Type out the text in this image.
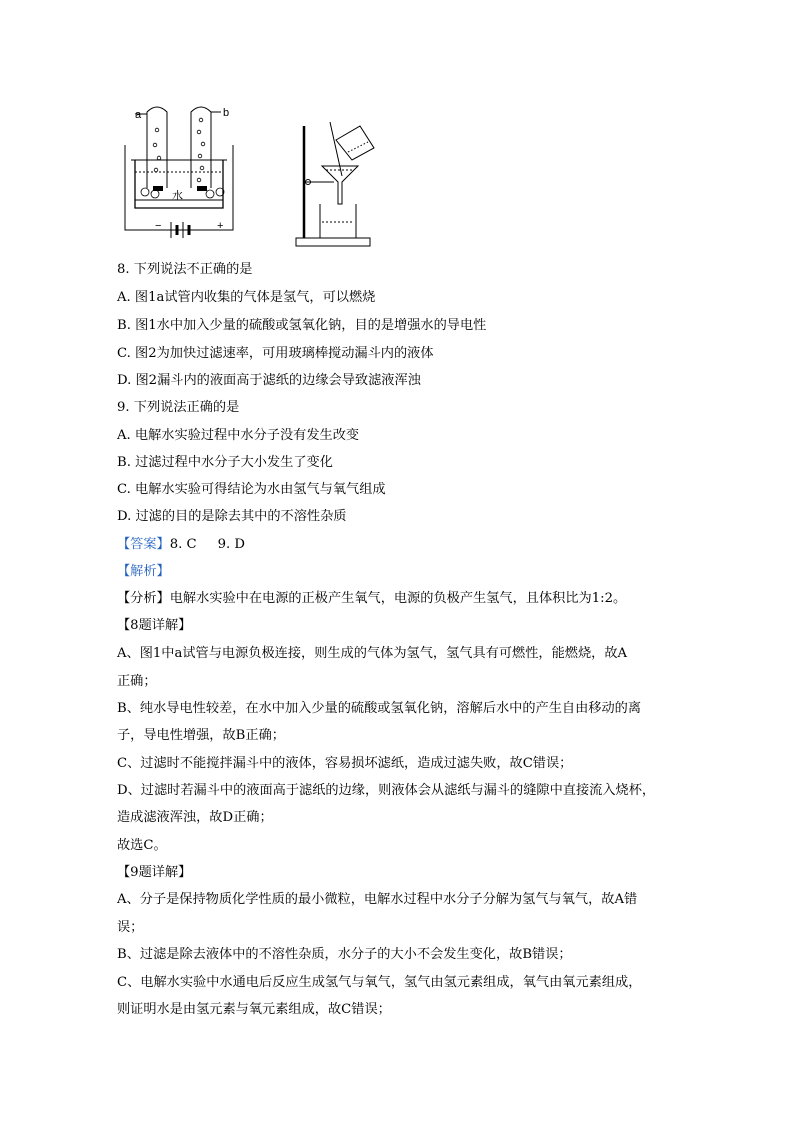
a	b
水
−	+
8. 下列说法不正确的是
A. 图1a试管内收集的气体是氢气，可以燃烧
B. 图1水中加入少量的硫酸或氢氧化钠，目的是增强水的导电性
C. 图2为加快过滤速率，可用玻璃棒搅动漏斗内的液体
D. 图2漏斗内的液面高于滤纸的边缘会导致滤液浑浊
9. 下列说法正确的是
A. 电解水实验过程中水分子没有发生改变
B. 过滤过程中水分子大小发生了变化
C. 电解水实验可得结论为水由氢气与氧气组成
D. 过滤的目的是除去其中的不溶性杂质
【答案】8. C     9. D
【解析】
【分析】电解水实验中在电源的正极产生氧气，电源的负极产生氢气，且体积比为1:2。
【8题详解】
A、图1中a试管与电源负极连接，则生成的气体为氢气，氢气具有可燃性，能燃烧，故A
正确；
B、纯水导电性较差，在水中加入少量的硫酸或氢氧化钠，溶解后水中的产生自由移动的离
子，导电性增强，故B正确；
C、过滤时不能搅拌漏斗中的液体，容易损坏滤纸，造成过滤失败，故C错误；
D、过滤时若漏斗中的液面高于滤纸的边缘，则液体会从滤纸与漏斗的缝隙中直接流入烧杯，
造成滤液浑浊，故D正确；
故选C。
【9题详解】
A、分子是保持物质化学性质的最小微粒，电解水过程中水分子分解为氢气与氧气，故A错
误；
B、过滤是除去液体中的不溶性杂质，水分子的大小不会发生变化，故B错误；
C、电解水实验中水通电后反应生成氢气与氧气，氢气由氢元素组成，氧气由氧元素组成，
则证明水是由氢元素与氧元素组成，故C错误；
